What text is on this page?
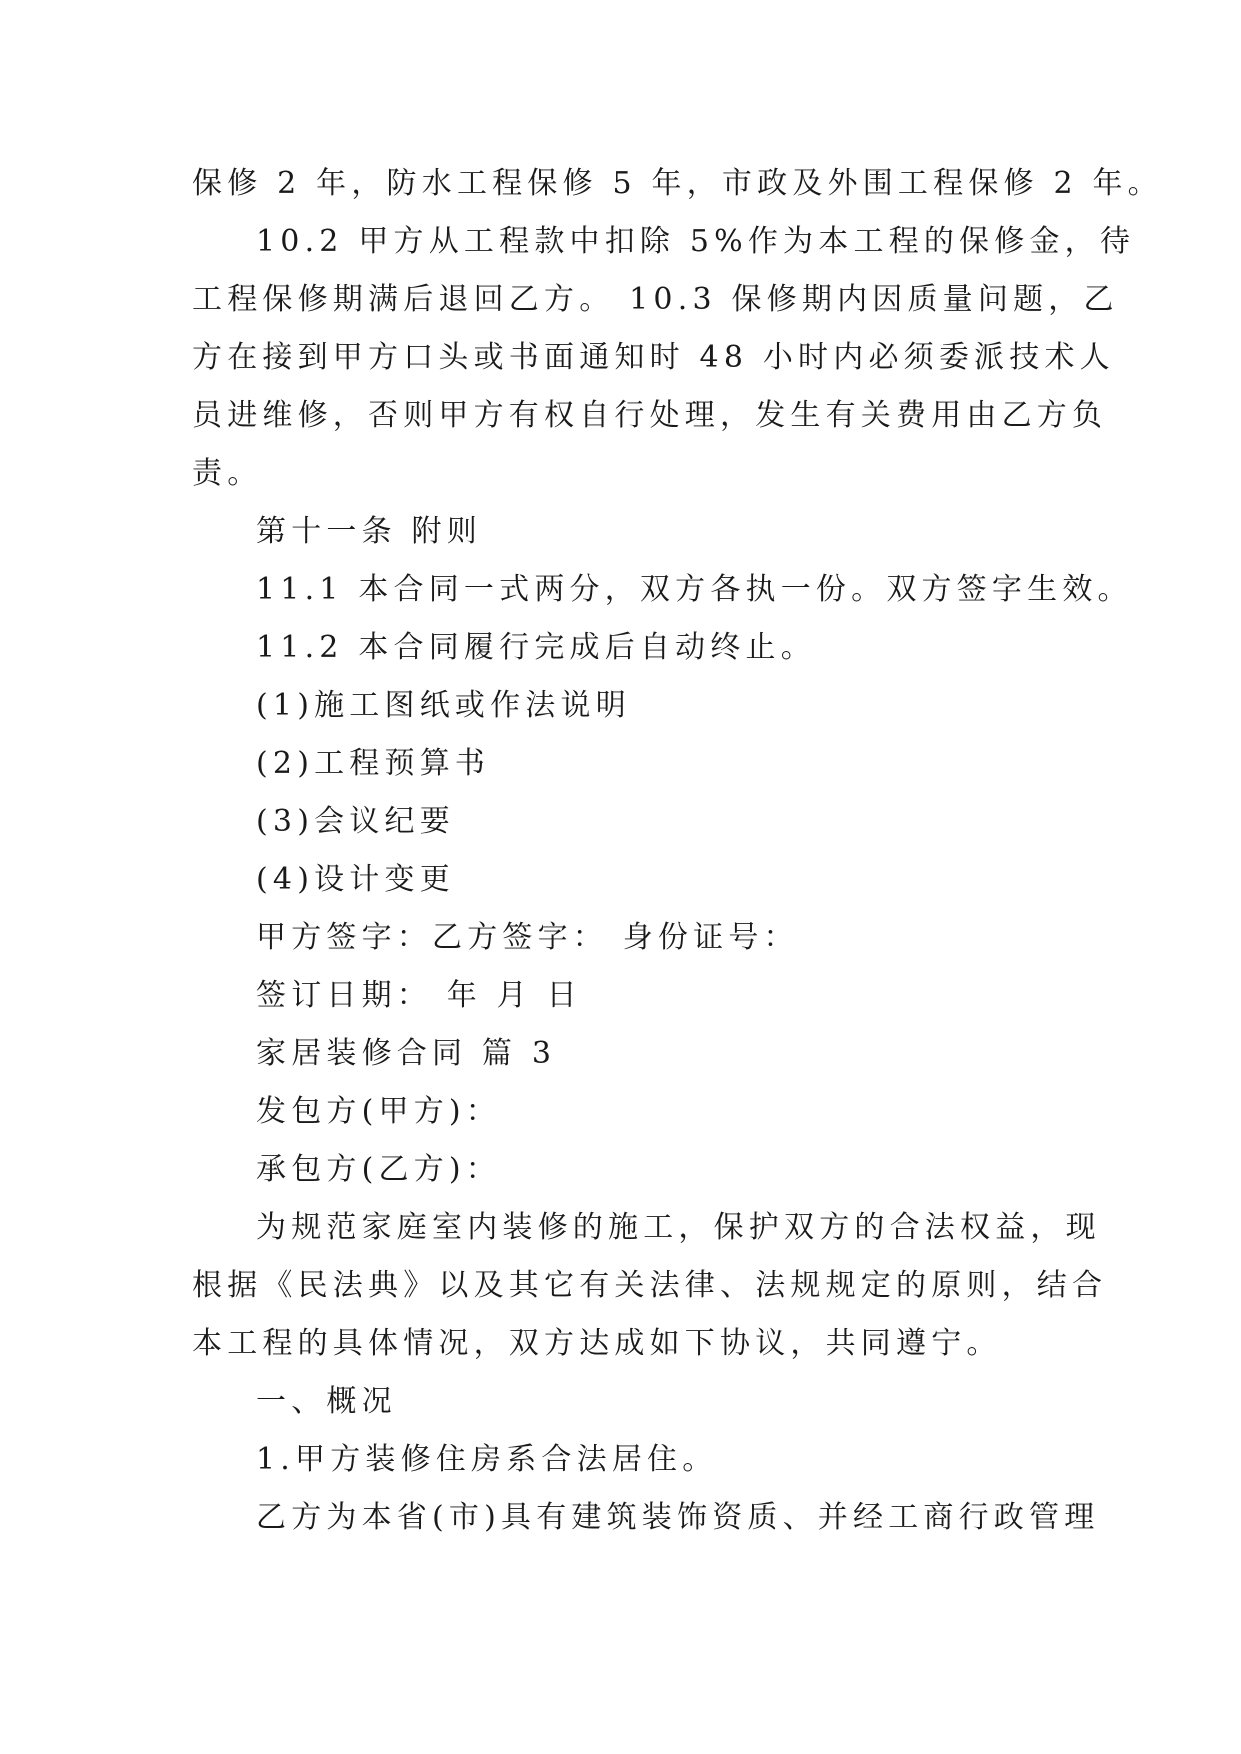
保修 2 年，防水工程保修 5 年，市政及外围工程保修 2 年。
10.2 甲方从工程款中扣除 5%作为本工程的保修金，待
工程保修期满后退回乙方。 10.3 保修期内因质量问题，乙
方在接到甲方口头或书面通知时 48 小时内必须委派技术人
员进维修，否则甲方有权自行处理，发生有关费用由乙方负
责。
第十一条 附则
11.1 本合同一式两分，双方各执一份。双方签字生效。
11.2 本合同履行完成后自动终止。
(1)施工图纸或作法说明
(2)工程预算书
(3)会议纪要
(4)设计变更
甲方签字：乙方签字： 身份证号：
签订日期： 年 月 日
家居装修合同 篇 3
发包方(甲方)：
承包方(乙方)：
为规范家庭室内装修的施工，保护双方的合法权益，现
根据《民法典》以及其它有关法律、法规规定的原则，结合
本工程的具体情况，双方达成如下协议，共同遵宁。
一、概况
1.甲方装修住房系合法居住。
乙方为本省(市)具有建筑装饰资质、并经工商行政管理
